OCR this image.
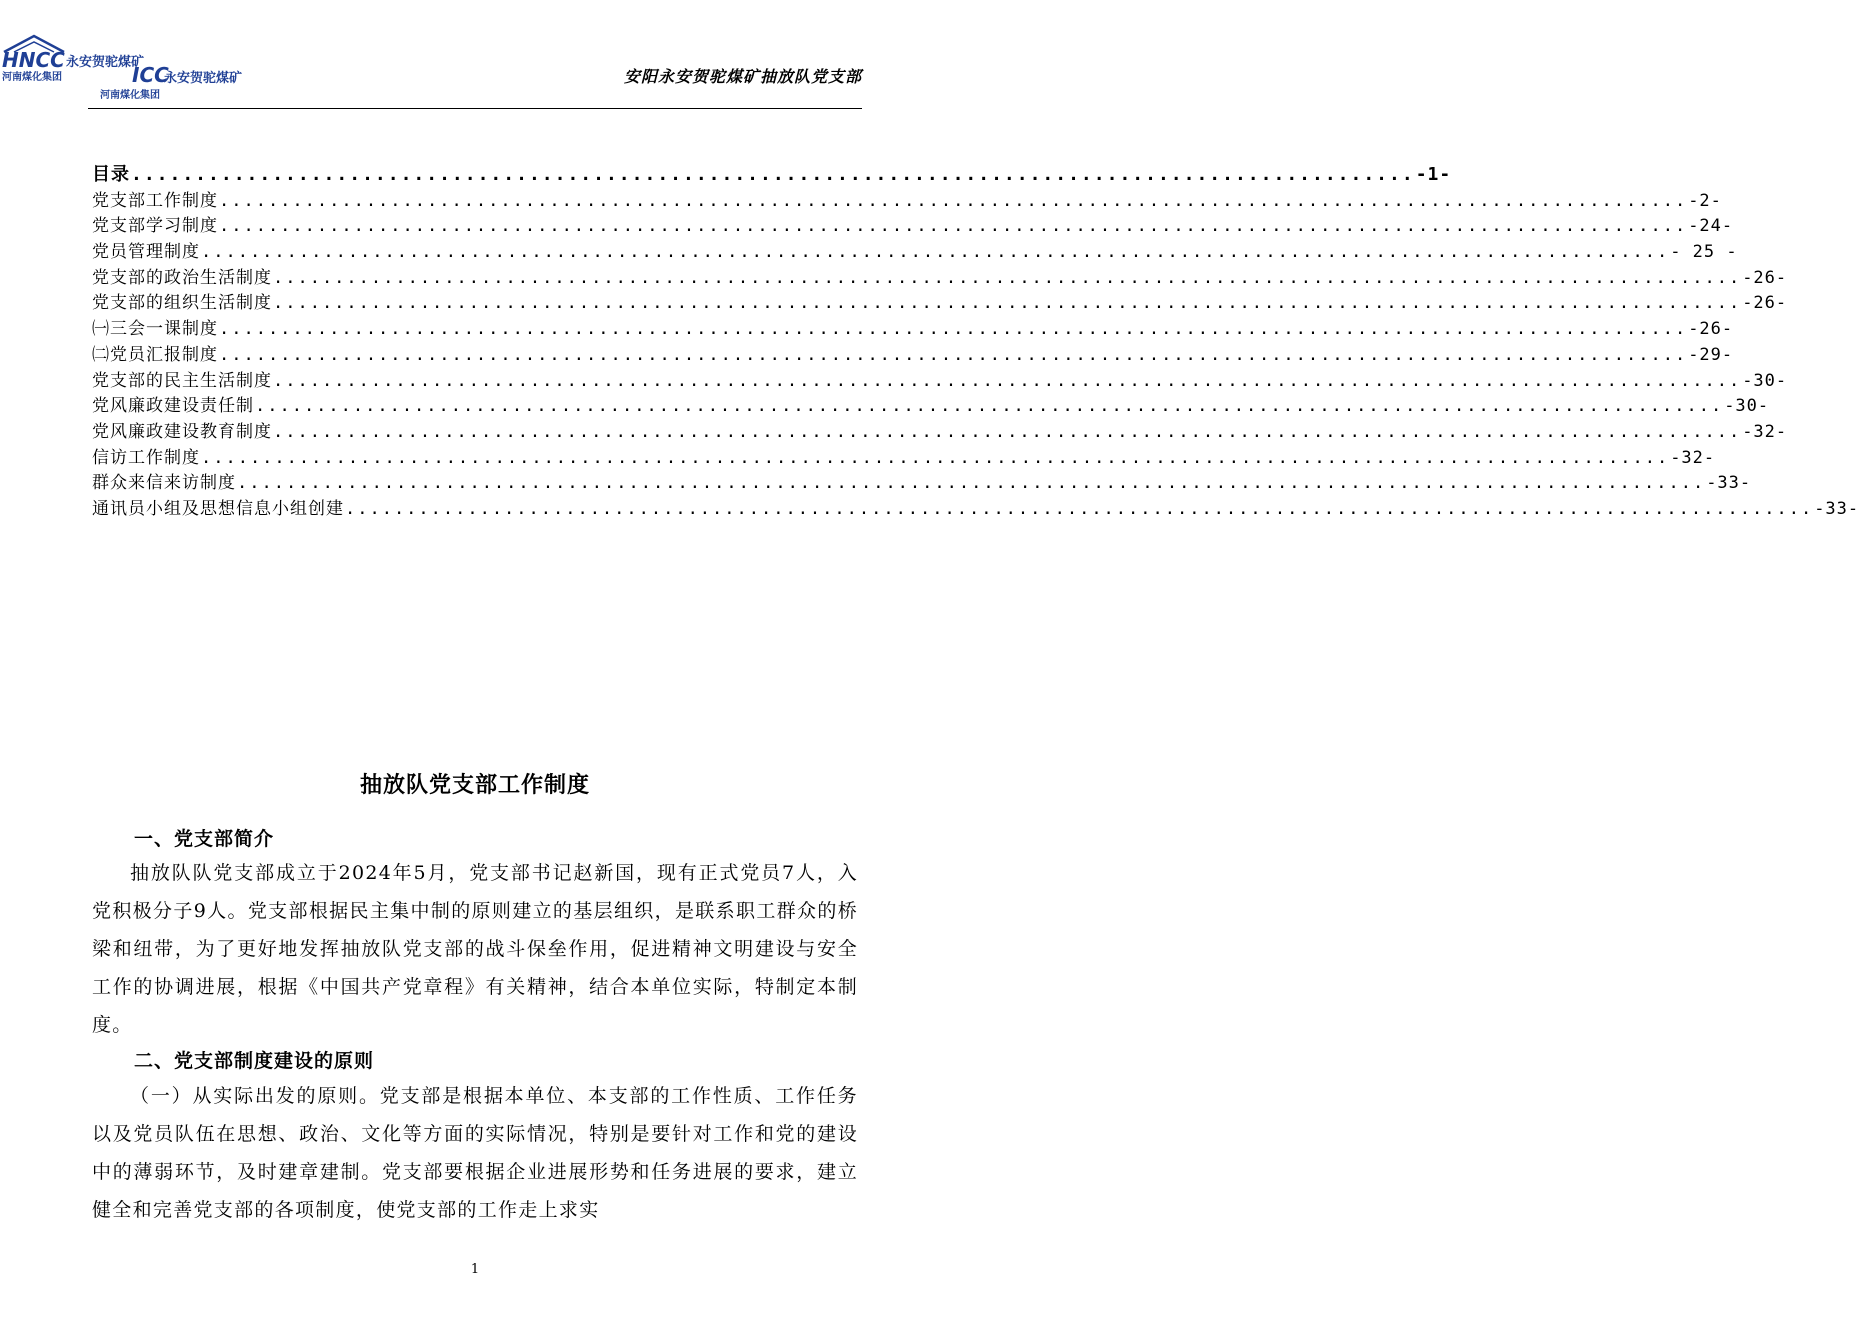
HNCC
河南煤化集团
永安贺驼煤矿
ICC
河南煤化集团
永安贺驼煤矿	安阳永安贺驼煤矿抽放队党支部
目录 .................................................................................................... -1-
党支部工作制度 ........................................................................................................................ -2-
党支部学习制度 ........................................................................................................................ -24-
党员管理制度 ........................................................................................................................ - 25 -
党支部的政治生活制度 ........................................................................................................................ -26-
党支部的组织生活制度 ........................................................................................................................ -26-
㈠三会一课制度 ........................................................................................................................ -26-
㈡党员汇报制度 ........................................................................................................................ -29-
党支部的民主生活制度 ........................................................................................................................ -30-
党风廉政建设责任制 ........................................................................................................................ -30-
党风廉政建设教育制度 ........................................................................................................................ -32-
信访工作制度 ........................................................................................................................ -32-
群众来信来访制度 ........................................................................................................................ -33-
通讯员小组及思想信息小组创建 ........................................................................................................................ -33-
抽放队党支部工作制度
一、党支部简介
抽放队队党支部成立于2024年5月，党支部书记赵新国，现有正式党员7人，入党积极分子9人。党支部根据民主集中制的原则建立的基层组织，是联系职工群众的桥梁和纽带，为了更好地发挥抽放队党支部的战斗保垒作用，促进精神文明建设与安全工作的协调进展，根据《中国共产党章程》有关精神，结合本单位实际，特制定本制度。
二、党支部制度建设的原则
（一）从实际出发的原则。党支部是根据本单位、本支部的工作性质、工作任务以及党员队伍在思想、政治、文化等方面的实际情况，特别是要针对工作和党的建设中的薄弱环节，及时建章建制。党支部要根据企业进展形势和任务进展的要求，建立健全和完善党支部的各项制度，使党支部的工作走上求实
1
